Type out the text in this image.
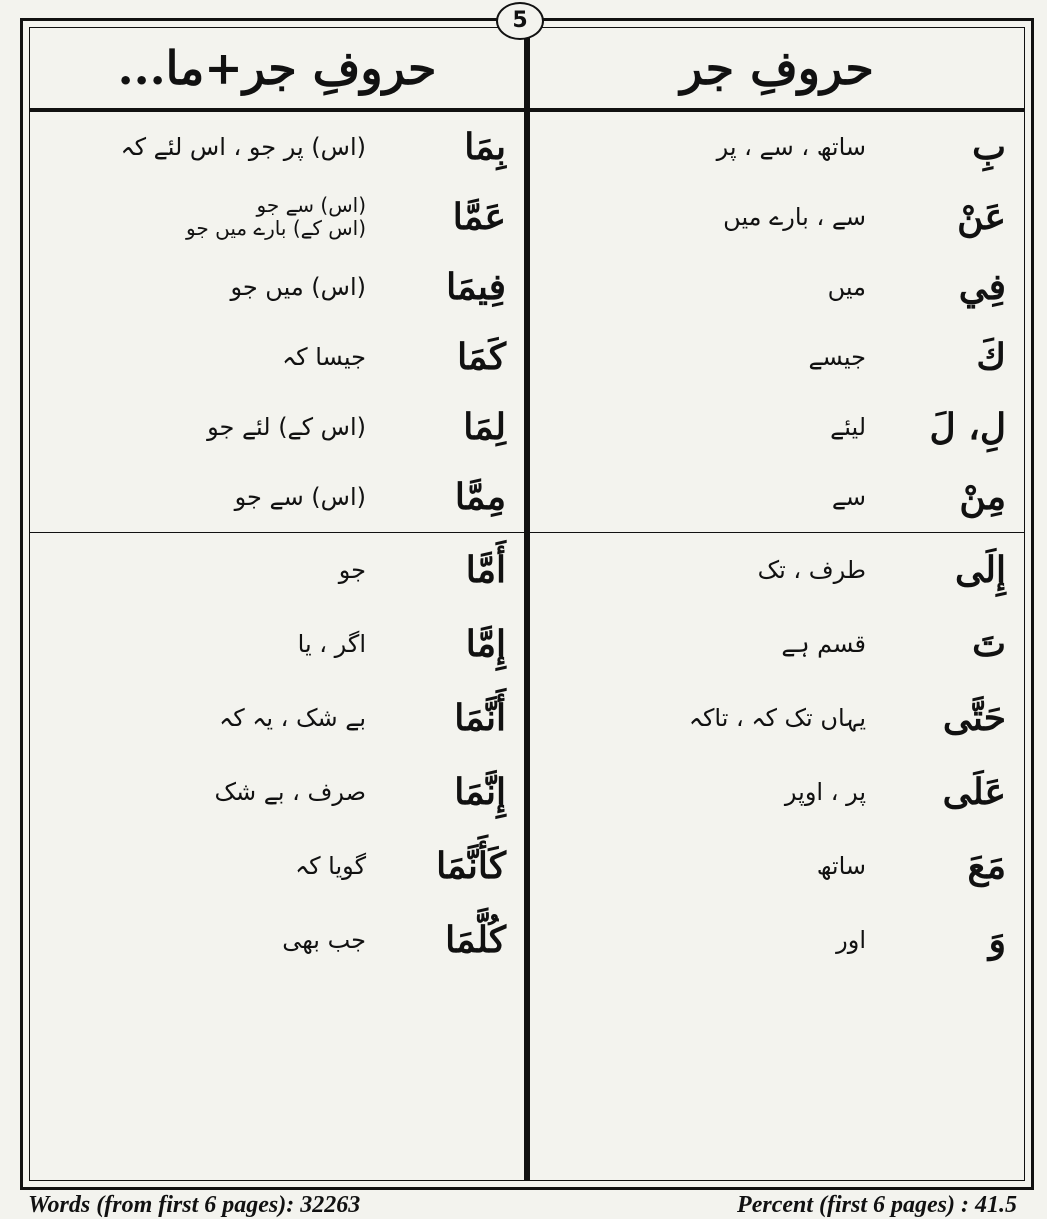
حروفِ جر+ما...
بِمَا
(اس) پر جو ، اس لئے کہ
عَمَّا
(اس) سے جو
(اس کے) بارے میں جو
فِيمَا
(اس) میں جو
كَمَا
جیسا کہ
لِمَا
(اس کے) لئے جو
مِمَّا
(اس) سے جو
أَمَّا
جو
إِمَّا
اگر ، یا
أَنَّمَا
بے شک ، یہ کہ
إِنَّمَا
صرف ، بے شک
كَأَنَّمَا
گویا کہ
كُلَّمَا
جب بھی
حروفِ جر
بِ
ساتھ ، سے ، پر
عَنْ
سے ، بارے میں
فِي
میں
كَ
جیسے
لِ، لَ
لیئے
مِنْ
سے
إِلَى
طرف ، تک
تَ
قسم ہے
حَتَّى
یہاں تک کہ ، تاکہ
عَلَى
پر ، اوپر
مَعَ
ساتھ
وَ
اور
5
Words (from first 6 pages): 32263	Percent (first 6 pages) : 41.5
